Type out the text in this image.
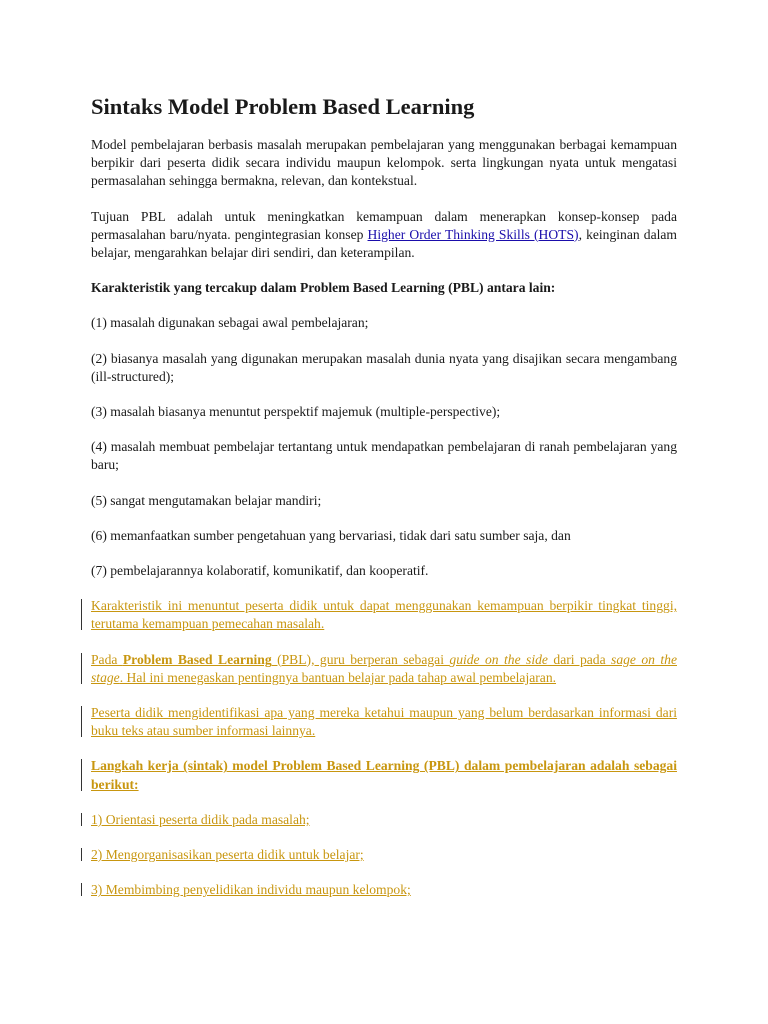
Sintaks Model Problem Based Learning

Model pembelajaran berbasis masalah merupakan pembelajaran yang menggunakan berbagai kemampuan berpikir dari peserta didik secara individu maupun kelompok. serta lingkungan nyata untuk mengatasi permasalahan sehingga bermakna, relevan, dan kontekstual.

Tujuan PBL adalah untuk meningkatkan kemampuan dalam menerapkan konsep-konsep pada permasalahan baru/nyata. pengintegrasian konsep Higher Order Thinking Skills (HOTS), keinginan dalam belajar, mengarahkan belajar diri sendiri, dan keterampilan.

Karakteristik yang tercakup dalam Problem Based Learning (PBL) antara lain:

(1) masalah digunakan sebagai awal pembelajaran;

(2) biasanya masalah yang digunakan merupakan masalah dunia nyata yang disajikan secara mengambang (ill-structured);

(3) masalah biasanya menuntut perspektif majemuk (multiple-perspective);

(4) masalah membuat pembelajar tertantang untuk mendapatkan pembelajaran di ranah pembelajaran yang baru;

(5) sangat mengutamakan belajar mandiri;

(6) memanfaatkan sumber pengetahuan yang bervariasi, tidak dari satu sumber saja, dan

(7) pembelajarannya kolaboratif, komunikatif, dan kooperatif.

Karakteristik ini menuntut peserta didik untuk dapat menggunakan kemampuan berpikir tingkat tinggi, terutama kemampuan pemecahan masalah.

Pada Problem Based Learning (PBL), guru berperan sebagai guide on the side dari pada sage on the stage. Hal ini menegaskan pentingnya bantuan belajar pada tahap awal pembelajaran.

Peserta didik mengidentifikasi apa yang mereka ketahui maupun yang belum berdasarkan informasi dari buku teks atau sumber informasi lainnya.

Langkah kerja (sintak) model Problem Based Learning (PBL) dalam pembelajaran adalah sebagai berikut:

1) Orientasi peserta didik pada masalah;

2) Mengorganisasikan peserta didik untuk belajar;

3) Membimbing penyelidikan individu maupun kelompok;
